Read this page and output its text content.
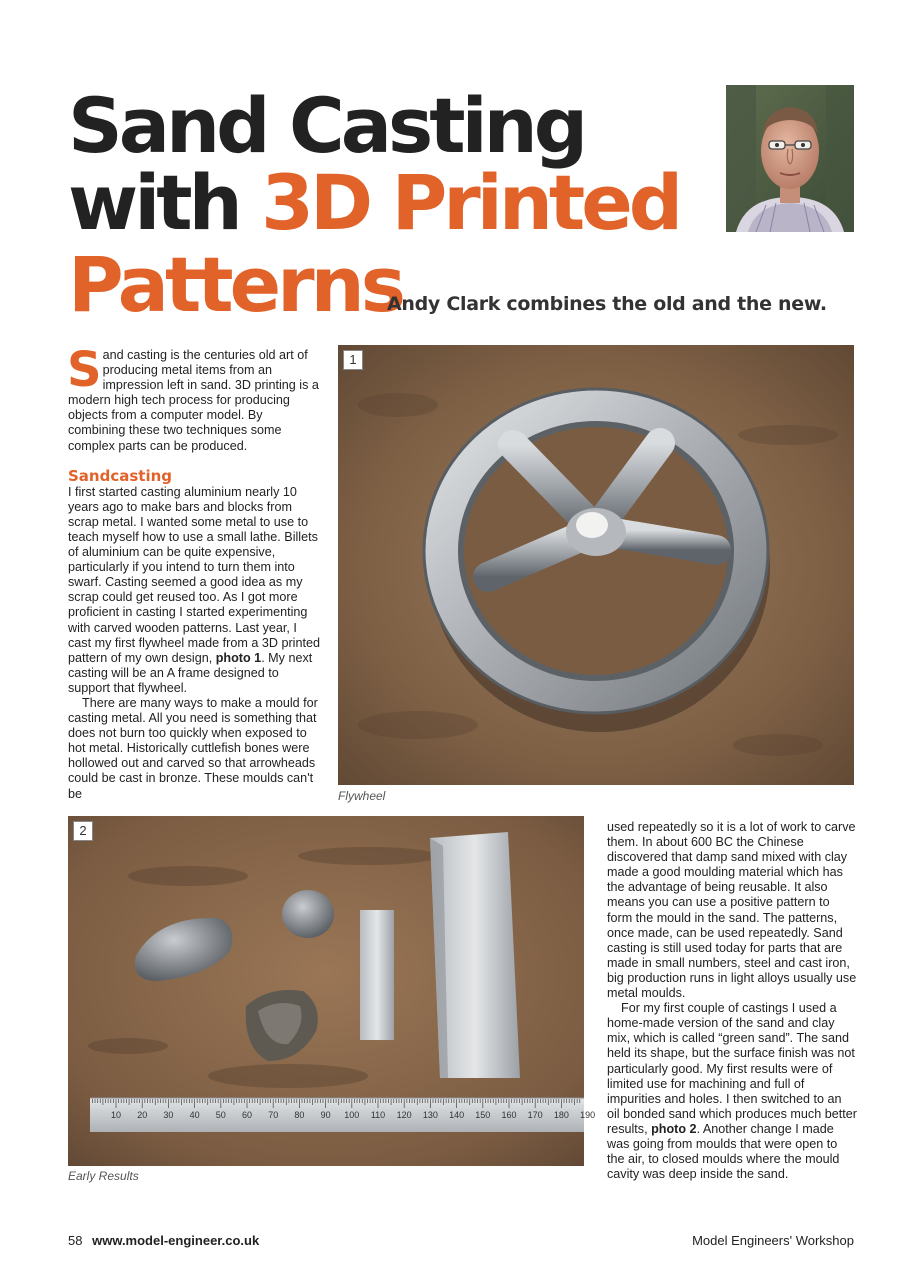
Sand Casting
with 3D Printed
Patterns
Andy Clark combines the old and the new.

Sand casting is the centuries old art of producing metal items from an impression left in sand. 3D printing is a modern high tech process for producing objects from a computer model. By combining these two techniques some complex parts can be produced.

Sandcasting

I first started casting aluminium nearly 10 years ago to make bars and blocks from scrap metal. I wanted some metal to use to teach myself how to use a small lathe. Billets of aluminium can be quite expensive, particularly if you intend to turn them into swarf. Casting seemed a good idea as my scrap could get reused too. As I got more proficient in casting I started experimenting with carved wooden patterns. Last year, I cast my first flywheel made from a 3D printed pattern of my own design, photo 1. My next casting will be an A frame designed to support that flywheel.

There are many ways to make a mould for casting metal. All you need is something that does not burn too quickly when exposed to hot metal. Historically cuttlefish bones were hollowed out and carved so that arrowheads could be cast in bronze. These moulds can't be

1
Flywheel
10 20 30 40 50 60 70 80 90 100 110 120 130 140 150 160 170 180 190
2
Early Results

used repeatedly so it is a lot of work to carve them. In about 600 BC the Chinese discovered that damp sand mixed with clay made a good moulding material which has the advantage of being reusable. It also means you can use a positive pattern to form the mould in the sand. The patterns, once made, can be used repeatedly. Sand casting is still used today for parts that are made in small numbers, steel and cast iron, big production runs in light alloys usually use metal moulds.

For my first couple of castings I used a home-made version of the sand and clay mix, which is called “green sand”. The sand held its shape, but the surface finish was not particularly good. My first results were of limited use for machining and full of impurities and holes. I then switched to an oil bonded sand which produces much better results, photo 2. Another change I made was going from moulds that were open to the air, to closed moulds where the mould cavity was deep inside the sand.

58 www.model-engineer.co.uk	Model Engineers' Workshop
